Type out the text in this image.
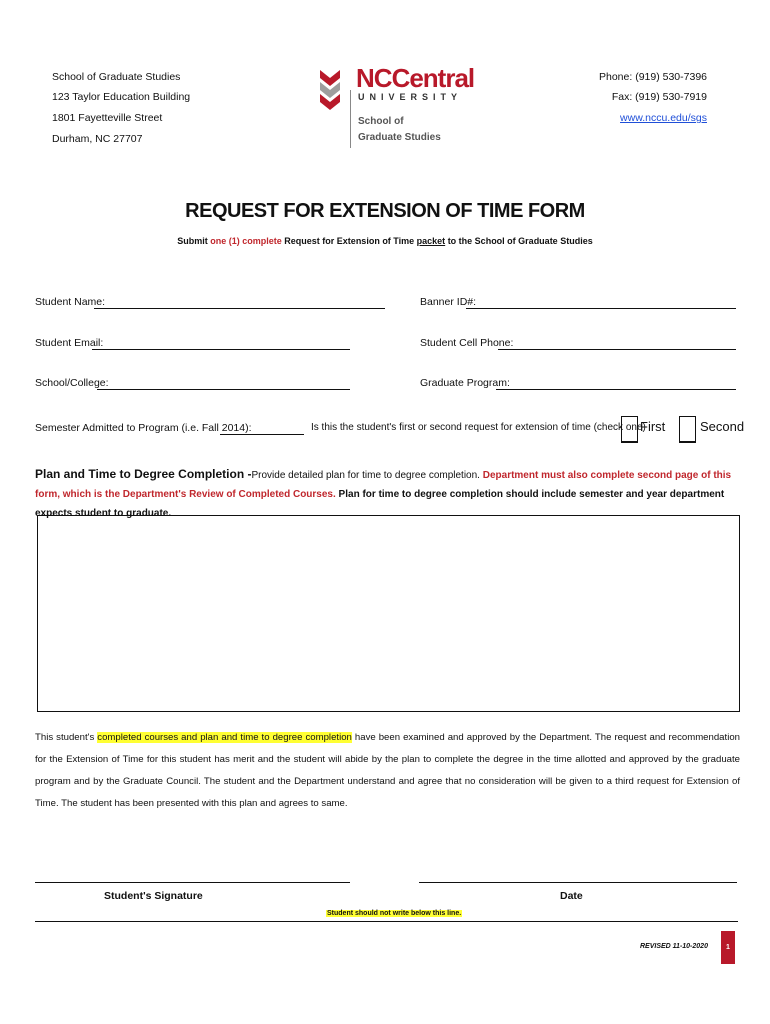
School of Graduate Studies
123 Taylor Education Building
1801 Fayetteville Street
Durham, NC 27707
NCCentral
UNIVERSITY
School of
Graduate Studies
Phone: (919) 530-7396
Fax: (919) 530-7919
www.nccu.edu/sgs
REQUEST FOR EXTENSION OF TIME FORM
Submit one (1) complete Request for Extension of Time packet to the School of Graduate Studies
Student Name:	Banner ID#:
Student Email:	Student Cell Phone:
School/College:	Graduate Program:
Semester Admitted to Program (i.e. Fall 2014):	Is this the student's first or second request for extension of time (check one)
First	Second
Plan and Time to Degree Completion -Provide detailed plan for time to degree completion. Department must also complete second page of this form, which is the Department's Review of Completed Courses. Plan for time to degree completion should include semester and year department expects student to graduate.
This student's completed courses and plan and time to degree completion have been examined and approved by the Department. The request and recommendation for the Extension of Time for this student has merit and the student will abide by the plan to complete the degree in the time allotted and approved by the graduate program and by the Graduate Council. The student and the Department understand and agree that no consideration will be given to a third request for Extension of Time. The student has been presented with this plan and agrees to same.
Student's Signature	Date
Student should not write below this line.
REVISED 11-10-2020	1
